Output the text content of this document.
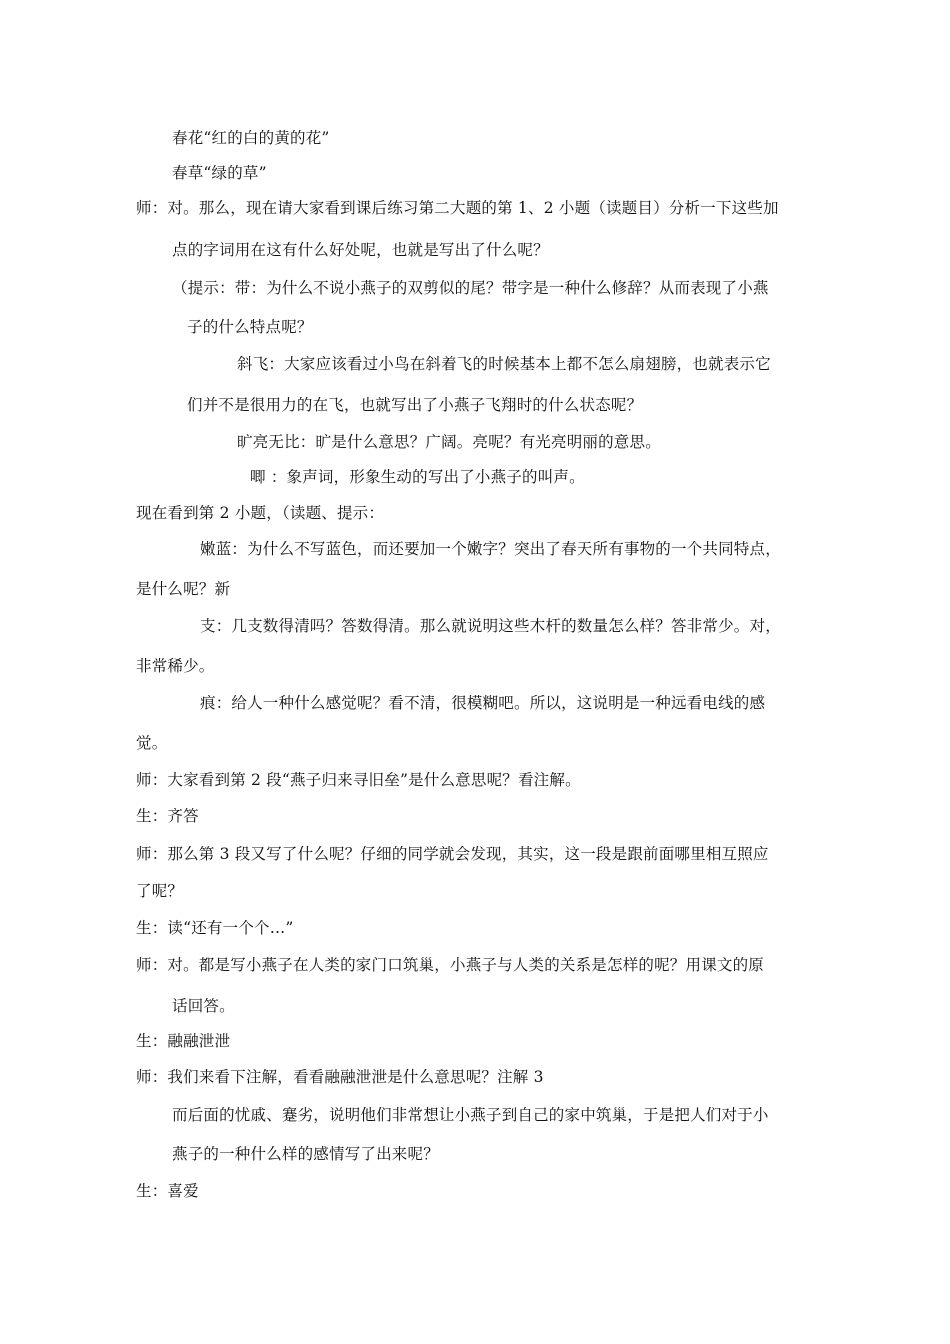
春花“红的白的黄的花”
春草“绿的草”
师：对。那么，现在请大家看到课后练习第二大题的第 1、2 小题（读题目）分析一下这些加
点的字词用在这有什么好处呢，也就是写出了什么呢？
（提示：带：为什么不说小燕子的双剪似的尾？带字是一种什么修辞？从而表现了小燕
子的什么特点呢？
斜飞：大家应该看过小鸟在斜着飞的时候基本上都不怎么扇翅膀，也就表示它
们并不是很用力的在飞，也就写出了小燕子飞翔时的什么状态呢？
旷亮无比：旷是什么意思？广阔。亮呢？有光亮明丽的意思。
唧 ：象声词，形象生动的写出了小燕子的叫声。
现在看到第 2 小题，（读题、提示：
嫩蓝：为什么不写蓝色，而还要加一个嫩字？突出了春天所有事物的一个共同特点，
是什么呢？新
支：几支数得清吗？答数得清。那么就说明这些木杆的数量怎么样？答非常少。对，
非常稀少。
痕：给人一种什么感觉呢？看不清，很模糊吧。所以，这说明是一种远看电线的感
觉。
师：大家看到第 2 段“燕子归来寻旧垒”是什么意思呢？看注解。
生：齐答
师：那么第 3 段又写了什么呢？仔细的同学就会发现，其实，这一段是跟前面哪里相互照应
了呢？
生：读“还有一个个…”
师：对。都是写小燕子在人类的家门口筑巢，小燕子与人类的关系是怎样的呢？用课文的原
话回答。
生：融融泄泄
师：我们来看下注解，看看融融泄泄是什么意思呢？注解 3
而后面的忧戚、蹇劣，说明他们非常想让小燕子到自己的家中筑巢，于是把人们对于小
燕子的一种什么样的感情写了出来呢？
生：喜爱
